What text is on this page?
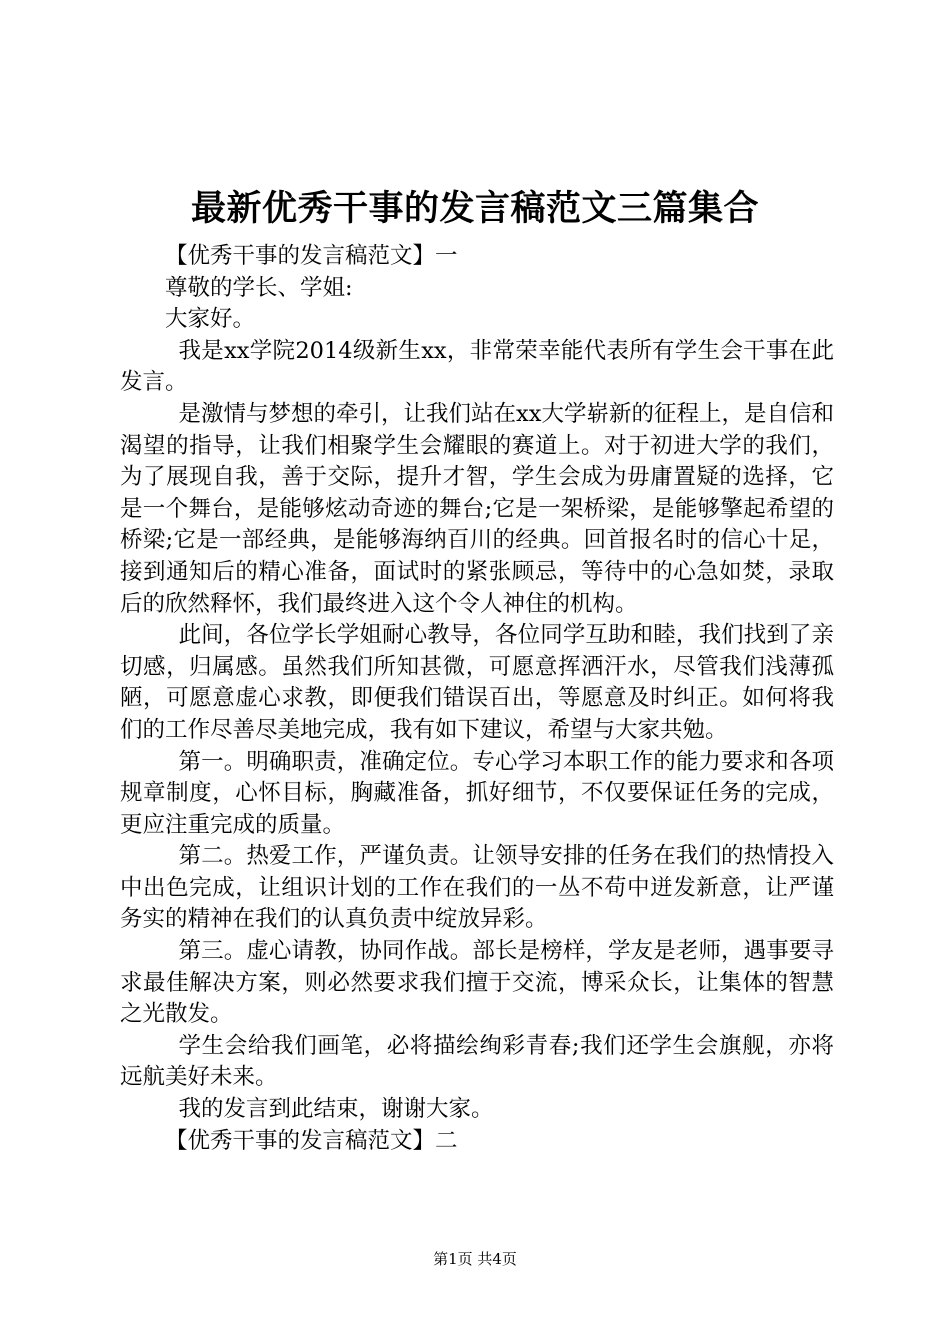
最新优秀干事的发言稿范文三篇集合

【优秀干事的发言稿范文】一

尊敬的学长、学姐:

大家好。

我是xx学院2014级新生xx，非常荣幸能代表所有学生会干事在此发言。

是激情与梦想的牵引，让我们站在xx大学崭新的征程上，是自信和渴望的指导，让我们相聚学生会耀眼的赛道上。对于初进大学的我们，为了展现自我，善于交际，提升才智，学生会成为毋庸置疑的选择，它是一个舞台，是能够炫动奇迹的舞台;它是一架桥梁，是能够擎起希望的桥梁;它是一部经典，是能够海纳百川的经典。回首报名时的信心十足，接到通知后的精心准备，面试时的紧张顾忌，等待中的心急如焚，录取后的欣然释怀，我们最终进入这个令人神住的机构。

此间，各位学长学姐耐心教导，各位同学互助和睦，我们找到了亲切感，归属感。虽然我们所知甚微，可愿意挥洒汗水，尽管我们浅薄孤陋，可愿意虚心求教，即便我们错误百出，等愿意及时纠正。如何将我们的工作尽善尽美地完成，我有如下建议，希望与大家共勉。

第一。明确职责，准确定位。专心学习本职工作的能力要求和各项规章制度，心怀目标，胸藏准备，抓好细节，不仅要保证任务的完成，更应注重完成的质量。

第二。热爱工作，严谨负责。让领导安排的任务在我们的热情投入中出色完成，让组识计划的工作在我们的一丛不苟中迸发新意，让严谨务实的精神在我们的认真负责中绽放异彩。

第三。虚心请教，协同作战。部长是榜样，学友是老师，遇事要寻求最佳解决方案，则必然要求我们擅于交流，博采众长，让集体的智慧之光散发。

学生会给我们画笔，必将描绘绚彩青春;我们还学生会旗舰，亦将远航美好未来。

我的发言到此结束，谢谢大家。

【优秀干事的发言稿范文】二

第1页 共4页
